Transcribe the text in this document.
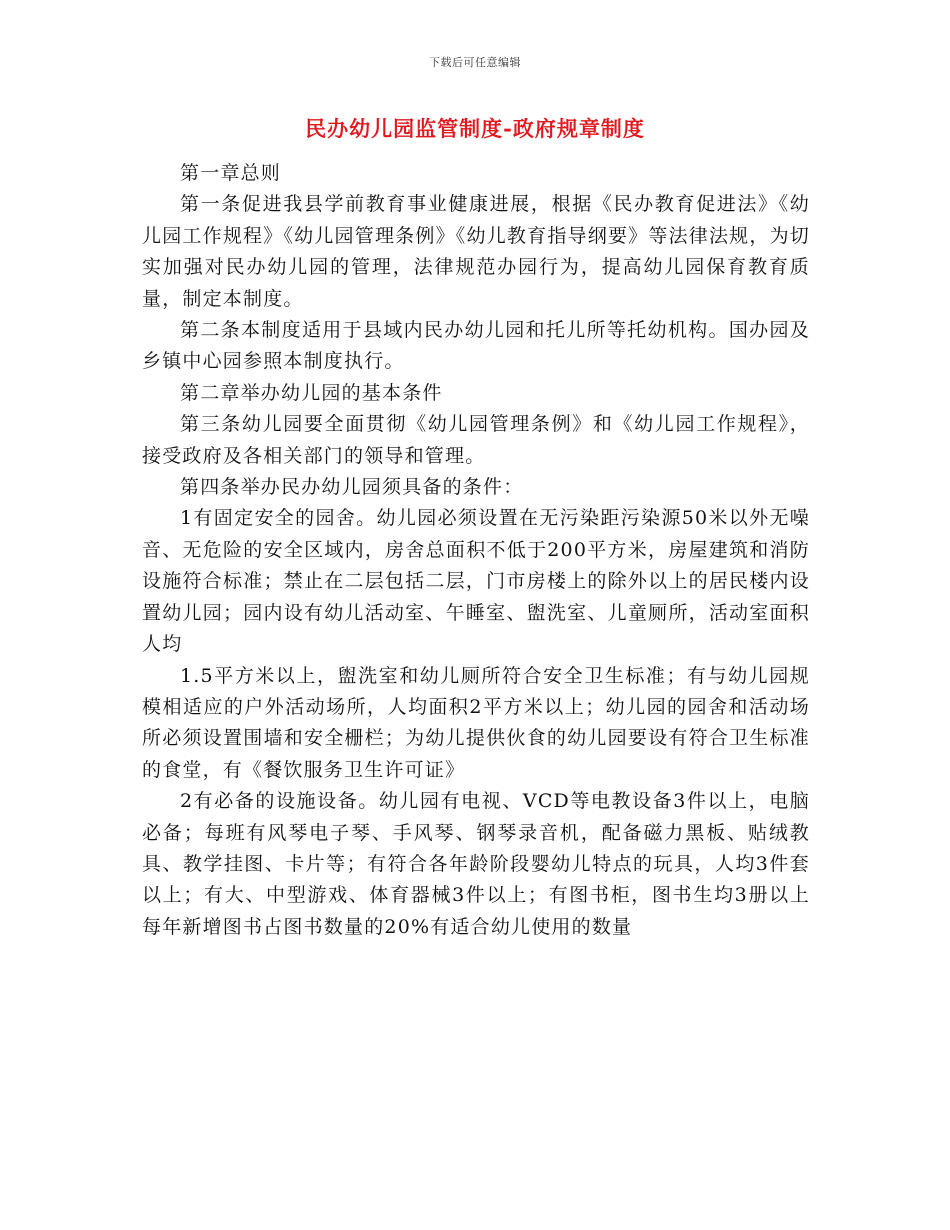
下载后可任意编辑
民办幼儿园监管制度-政府规章制度

第一章总则

第一条促进我县学前教育事业健康进展，根据《民办教育促进法》《幼儿园工作规程》《幼儿园管理条例》《幼儿教育指导纲要》等法律法规，为切实加强对民办幼儿园的管理，法律规范办园行为，提高幼儿园保育教育质量，制定本制度。

第二条本制度适用于县域内民办幼儿园和托儿所等托幼机构。国办园及乡镇中心园参照本制度执行。

第二章举办幼儿园的基本条件

第三条幼儿园要全面贯彻《幼儿园管理条例》和《幼儿园工作规程》，接受政府及各相关部门的领导和管理。

第四条举办民办幼儿园须具备的条件：

1有固定安全的园舍。幼儿园必须设置在无污染距污染源50米以外无噪音、无危险的安全区域内，房舍总面积不低于200平方米，房屋建筑和消防设施符合标准；禁止在二层包括二层，门市房楼上的除外以上的居民楼内设置幼儿园；园内设有幼儿活动室、午睡室、盥洗室、儿童厕所，活动室面积人均

1.5平方米以上，盥洗室和幼儿厕所符合安全卫生标准；有与幼儿园规模相适应的户外活动场所，人均面积2平方米以上；幼儿园的园舍和活动场所必须设置围墙和安全栅栏；为幼儿提供伙食的幼儿园要设有符合卫生标准的食堂，有《餐饮服务卫生许可证》

2有必备的设施设备。幼儿园有电视、VCD等电教设备3件以上，电脑必备；每班有风琴电子琴、手风琴、钢琴录音机，配备磁力黑板、贴绒教具、教学挂图、卡片等；有符合各年龄阶段婴幼儿特点的玩具，人均3件套以上；有大、中型游戏、体育器械3件以上；有图书柜，图书生均3册以上每年新增图书占图书数量的20%有适合幼儿使用的数量
